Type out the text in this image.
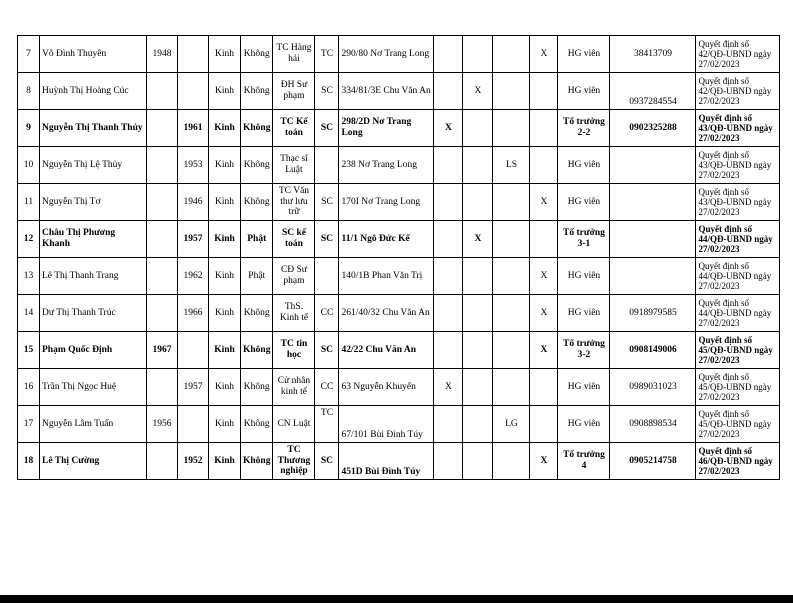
7	Võ Đình Thuyên	1948		Kinh	Không	TC Hàng hải	TC	290/80 Nơ Trang Long				X	HG viên	38413709	Quyết định số 42/QĐ-UBND ngày 27/02/2023
8	Huỳnh Thị Hoàng Cúc			Kinh	Không	ĐH Sư phạm	SC	334/81/3E Chu Văn An		X			HG viên	0937284554	Quyết định số 42/QĐ-UBND ngày 27/02/2023
9	Nguyễn Thị Thanh Thủy		1961	Kinh	Không	TC Kế toán	SC	298/2D Nơ Trang Long	X				Tổ trưởng 2-2	0902325288	Quyết định số 43/QĐ-UBND ngày 27/02/2023
10	Nguyễn Thị Lệ Thủy		1953	Kinh	Không	Thạc sĩ Luật		238 Nơ Trang Long			LS		HG viên		Quyết định số 43/QĐ-UBND ngày 27/02/2023
11	Nguyễn Thị Tơ		1946	Kinh	Không	TC Văn thư lưu trữ	SC	170I Nơ Trang Long				X	HG viên		Quyết định số 43/QĐ-UBND ngày 27/02/2023
12	Châu Thị Phương Khanh		1957	Kinh	Phật	SC kế toán	SC	11/1 Ngô Đức Kế		X			Tổ trưởng 3-1		Quyết định số 44/QĐ-UBND ngày 27/02/2023
13	Lê Thị Thanh Trang		1962	Kinh	Phật	CĐ Sư phạm		140/1B Phan Văn Trị				X	HG viên		Quyết định số 44/QĐ-UBND ngày 27/02/2023
14	Dư Thị Thanh Trúc		1966	Kinh	Không	ThS. Kinh tế	CC	261/40/32 Chu Văn An				X	HG viên	0918979585	Quyết định số 44/QĐ-UBND ngày 27/02/2023
15	Phạm Quốc Định	1967		Kinh	Không	TC tin học	SC	42/22 Chu Văn An				X	Tổ trưởng 3-2	0908149006	Quyết định số 45/QĐ-UBND ngày 27/02/2023
16	Trần Thị Ngọc Huệ		1957	Kinh	Không	Cử nhân kinh tế	CC	63 Nguyễn Khuyến	X				HG viên	0989031023	Quyết định số 45/QĐ-UBND ngày 27/02/2023
17	Nguyễn Lâm Tuấn	1956		Kinh	Không	CN Luật	TC	67/101 Bùi Đình Túy			LG		HG viên	0908898534	Quyết định số 45/QĐ-UBND ngày 27/02/2023
18	Lê Thị Cường		1952	Kinh	Không	TC Thương nghiệp	SC	451D Bùi Đình Túy				X	Tổ trưởng 4	0905214758	Quyết định số 46/QĐ-UBND ngày 27/02/2023
